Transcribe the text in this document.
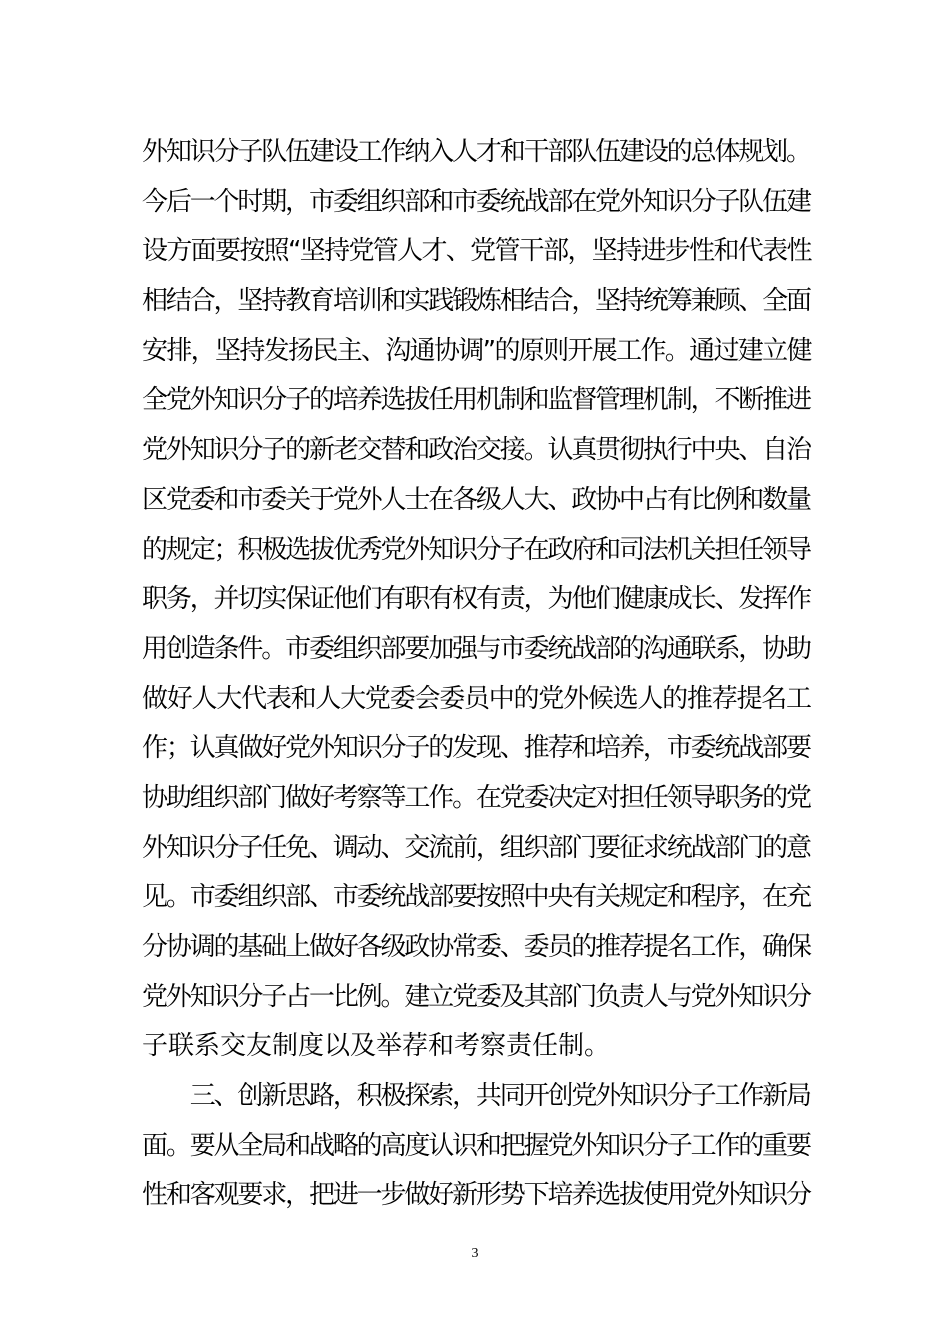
外知识分子队伍建设工作纳入人才和干部队伍建设的总体规划。
今后一个时期，市委组织部和市委统战部在党外知识分子队伍建
设方面要按照“坚持党管人才、党管干部，坚持进步性和代表性
相结合，坚持教育培训和实践锻炼相结合，坚持统筹兼顾、全面
安排，坚持发扬民主、沟通协调”的原则开展工作。通过建立健
全党外知识分子的培养选拔任用机制和监督管理机制，不断推进
党外知识分子的新老交替和政治交接。认真贯彻执行中央、自治
区党委和市委关于党外人士在各级人大、政协中占有比例和数量
的规定；积极选拔优秀党外知识分子在政府和司法机关担任领导
职务，并切实保证他们有职有权有责，为他们健康成长、发挥作
用创造条件。市委组织部要加强与市委统战部的沟通联系，协助
做好人大代表和人大党委会委员中的党外候选人的推荐提名工
作；认真做好党外知识分子的发现、推荐和培养，市委统战部要
协助组织部门做好考察等工作。在党委决定对担任领导职务的党
外知识分子任免、调动、交流前，组织部门要征求统战部门的意
见。市委组织部、市委统战部要按照中央有关规定和程序，在充
分协调的基础上做好各级政协常委、委员的推荐提名工作，确保
党外知识分子占一比例。建立党委及其部门负责人与党外知识分
子联系交友制度以及举荐和考察责任制。
　　三、创新思路，积极探索，共同开创党外知识分子工作新局
面。要从全局和战略的高度认识和把握党外知识分子工作的重要
性和客观要求，把进一步做好新形势下培养选拔使用党外知识分
3
